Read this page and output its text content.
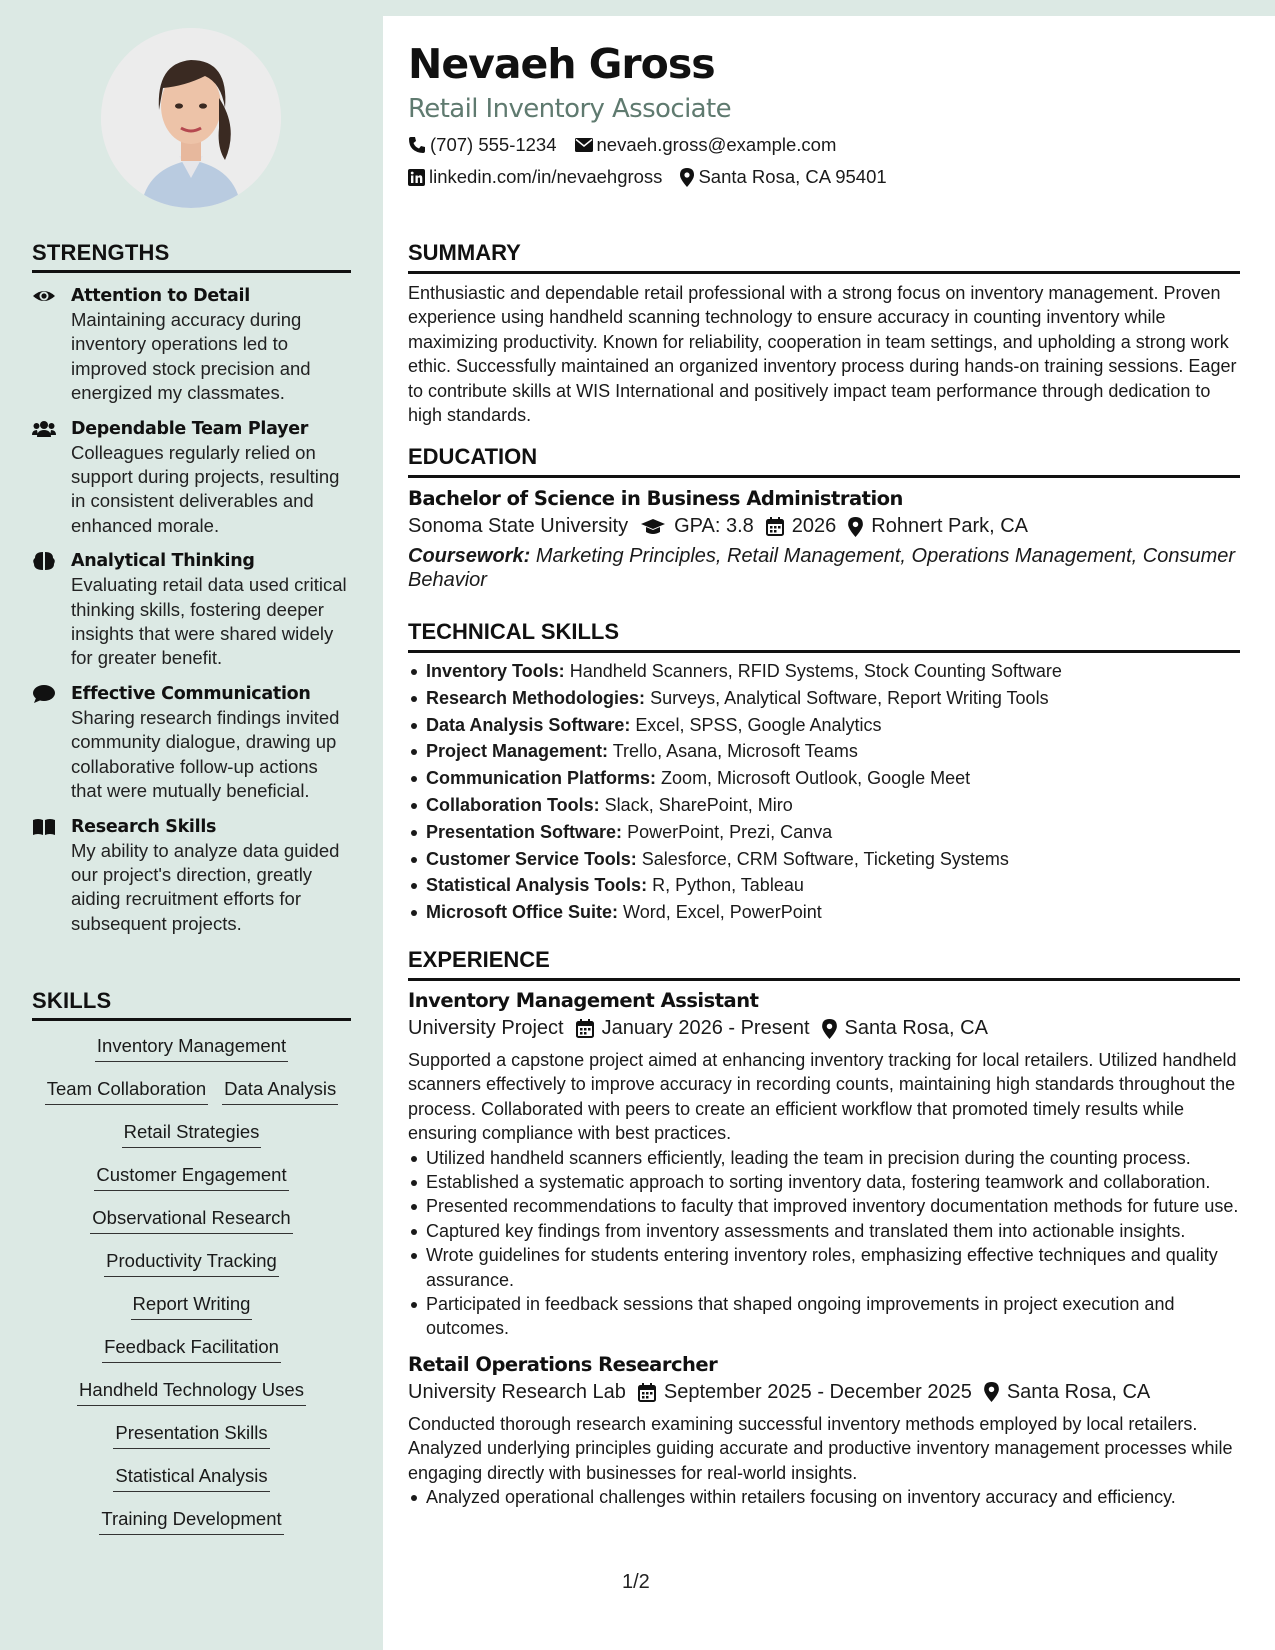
STRENGTHS
Attention to Detail
Maintaining accuracy during inventory operations led to improved stock precision and energized my classmates.
Dependable Team Player
Colleagues regularly relied on support during projects, resulting in consistent deliverables and enhanced morale.
Analytical Thinking
Evaluating retail data used critical thinking skills, fostering deeper insights that were shared widely for greater benefit.
Effective Communication
Sharing research findings invited community dialogue, drawing up collaborative follow-up actions that were mutually beneficial.
Research Skills
My ability to analyze data guided our project's direction, greatly aiding recruitment efforts for subsequent projects.
SKILLS
Inventory Management
Team Collaboration Data Analysis
Retail Strategies
Customer Engagement
Observational Research
Productivity Tracking
Report Writing
Feedback Facilitation
Handheld Technology Uses
Presentation Skills
Statistical Analysis
Training Development
Nevaeh Gross
Retail Inventory Associate
(707) 555-1234 nevaeh.gross@example.com
linkedin.com/in/nevaehgross Santa Rosa, CA 95401
SUMMARY
Enthusiastic and dependable retail professional with a strong focus on inventory management. Proven experience using handheld scanning technology to ensure accuracy in counting inventory while maximizing productivity. Known for reliability, cooperation in team settings, and upholding a strong work ethic. Successfully maintained an organized inventory process during hands-on training sessions. Eager to contribute skills at WIS International and positively impact team performance through dedication to high standards.
EDUCATION
Bachelor of Science in Business Administration
Sonoma State University GPA: 3.8 2026 Rohnert Park, CA
Coursework: Marketing Principles, Retail Management, Operations Management, Consumer Behavior
TECHNICAL SKILLS
Inventory Tools: Handheld Scanners, RFID Systems, Stock Counting Software
Research Methodologies: Surveys, Analytical Software, Report Writing Tools
Data Analysis Software: Excel, SPSS, Google Analytics
Project Management: Trello, Asana, Microsoft Teams
Communication Platforms: Zoom, Microsoft Outlook, Google Meet
Collaboration Tools: Slack, SharePoint, Miro
Presentation Software: PowerPoint, Prezi, Canva
Customer Service Tools: Salesforce, CRM Software, Ticketing Systems
Statistical Analysis Tools: R, Python, Tableau
Microsoft Office Suite: Word, Excel, PowerPoint
EXPERIENCE
Inventory Management Assistant
University Project January 2026 - Present Santa Rosa, CA
Supported a capstone project aimed at enhancing inventory tracking for local retailers. Utilized handheld scanners effectively to improve accuracy in recording counts, maintaining high standards throughout the process. Collaborated with peers to create an efficient workflow that promoted timely results while ensuring compliance with best practices.
Utilized handheld scanners efficiently, leading the team in precision during the counting process.
Established a systematic approach to sorting inventory data, fostering teamwork and collaboration.
Presented recommendations to faculty that improved inventory documentation methods for future use.
Captured key findings from inventory assessments and translated them into actionable insights.
Wrote guidelines for students entering inventory roles, emphasizing effective techniques and quality assurance.
Participated in feedback sessions that shaped ongoing improvements in project execution and outcomes.
Retail Operations Researcher
University Research Lab September 2025 - December 2025 Santa Rosa, CA
Conducted thorough research examining successful inventory methods employed by local retailers. Analyzed underlying principles guiding accurate and productive inventory management processes while engaging directly with businesses for real-world insights.
Analyzed operational challenges within retailers focusing on inventory accuracy and efficiency.
1/2
